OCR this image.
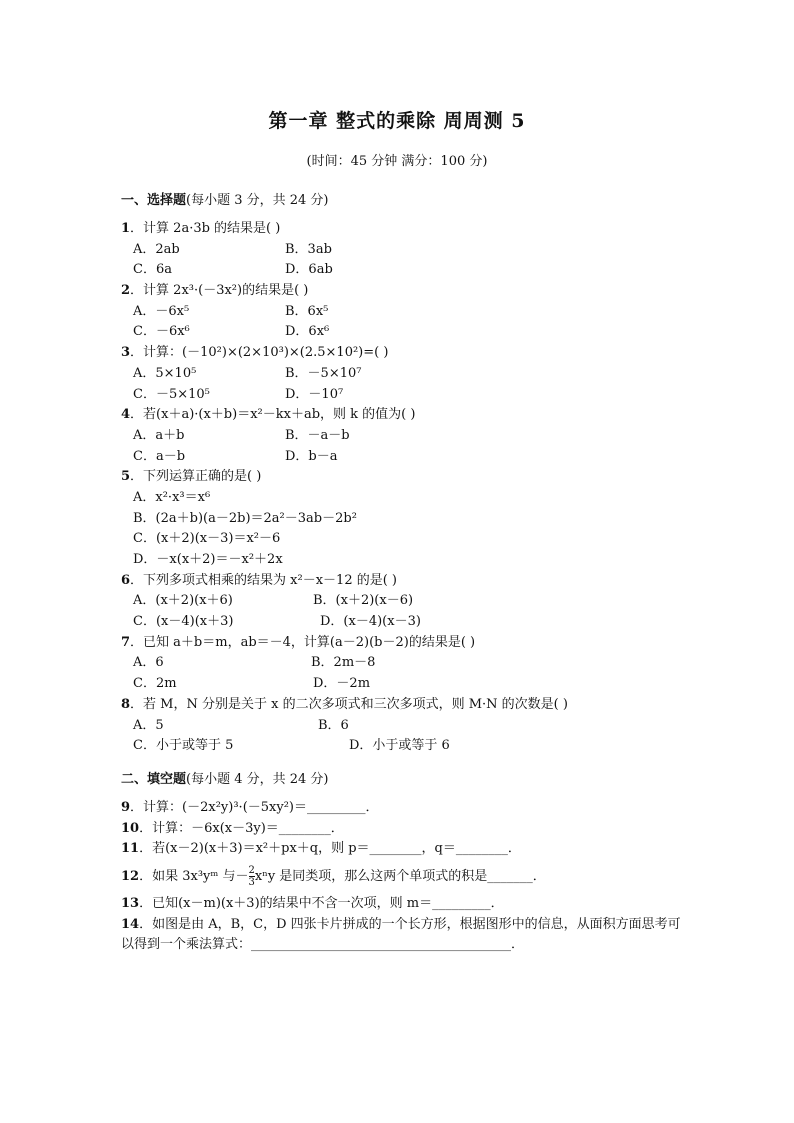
第一章 整式的乘除 周周测 5
(时间：45 分钟 满分：100 分)
一、选择题(每小题 3 分，共 24 分)
1．计算 2a·3b 的结果是( )
A．2ab	B．3ab
C．6a	D．6ab
2．计算 2x³·(－3x²)的结果是( )
A．－6x⁵	B．6x⁵
C．－6x⁶	D．6x⁶
3．计算：(－10²)×(2×10³)×(2.5×10²)=( )
A．5×10⁵	B．－5×10⁷
C．－5×10⁵	D．－10⁷
4．若(x＋a)·(x＋b)＝x²－kx＋ab，则 k 的值为( )
A．a＋b	B．－a－b
C．a－b	D．b－a
5．下列运算正确的是( )
A．x²·x³＝x⁶
B．(2a＋b)(a－2b)＝2a²－3ab－2b²
C．(x＋2)(x－3)＝x²－6
D．－x(x＋2)＝－x²＋2x
6．下列多项式相乘的结果为 x²－x－12 的是( )
A．(x＋2)(x＋6)	B．(x＋2)(x－6)
C．(x－4)(x＋3)	D．(x－4)(x－3)
7．已知 a＋b＝m，ab＝－4，计算(a－2)(b－2)的结果是( )
A．6	B．2m－8
C．2m	D．－2m
8．若 M，N 分别是关于 x 的二次多项式和三次多项式，则 M·N 的次数是( )
A．5	B．6
C．小于或等于 5	D．小于或等于 6
二、填空题(每小题 4 分，共 24 分)
9．计算：(－2x²y)³·(－5xy²)＝_________．
10．计算：－6x(x－3y)＝________．
11．若(x－2)(x＋3)＝x²＋px＋q，则 p＝________，q＝________．
12．如果 3x³yᵐ 与－ $\frac{2}{3}$ xⁿy 是同类项，那么这两个单项式的积是_______．
13．已知(x－m)(x＋3)的结果中不含一次项，则 m＝_________．
14．如图是由 A，B，C，D 四张卡片拼成的一个长方形，根据图形中的信息，从面积方面思考可以得到一个乘法算式：________________________________________．
